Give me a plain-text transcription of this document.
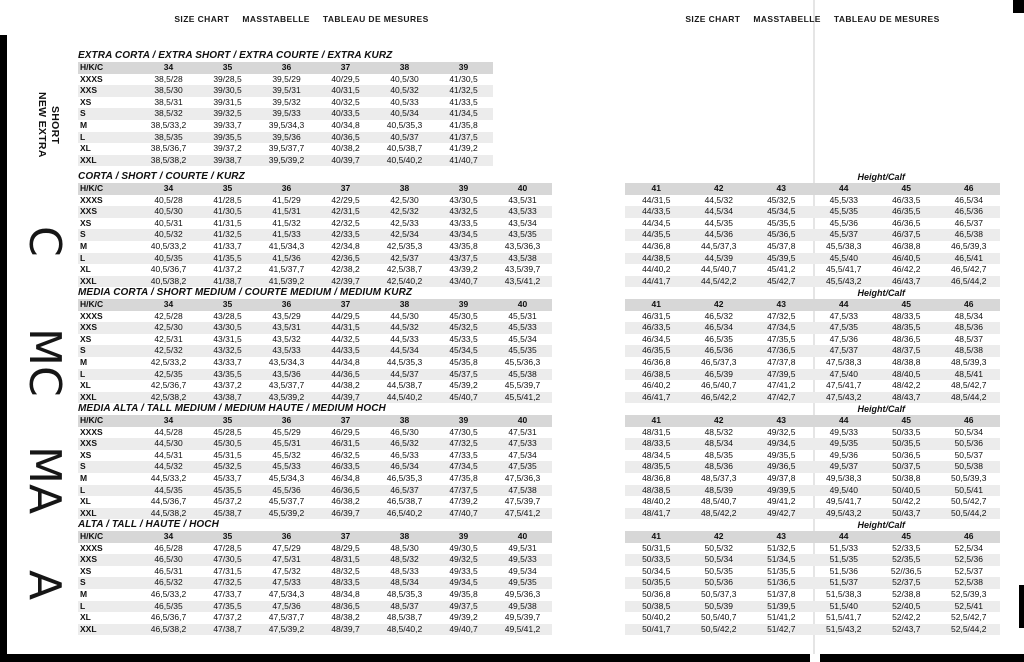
SIZE CHART MASSTABELLE TABLEAU DE MESURES	SIZE CHART MASSTABELLE TABLEAU DE MESURES
NEW EXTRA SHORT
C
MC
MA
A
EXTRA CORTA / EXTRA SHORT / EXTRA COURTE / EXTRA KURZ
H/K/C	34	35	36	37	38	39
XXXS	38,5/28	39/28,5	39,5/29	40/29,5	40,5/30	41/30,5
XXS	38,5/30	39/30,5	39,5/31	40/31,5	40,5/32	41/32,5
XS	38,5/31	39/31,5	39,5/32	40/32,5	40,5/33	41/33,5
S	38,5/32	39/32,5	39,5/33	40/33,5	40,5/34	41/34,5
M	38,5/33,2	39/33,7	39,5/34,3	40/34,8	40,5/35,3	41/35,8
L	38,5/35	39/35,5	39,5/36	40/36,5	40,5/37	41/37,5
XL	38,5/36,7	39/37,2	39,5/37,7	40/38,2	40,5/38,7	41/39,2
XXL	38,5/38,2	39/38,7	39,5/39,2	40/39,7	40,5/40,2	41/40,7
CORTA / SHORT / COURTE / KURZ
H/K/C	34	35	36	37	38	39	40
XXXS	40,5/28	41/28,5	41,5/29	42/29,5	42,5/30	43/30,5	43,5/31
XXS	40,5/30	41/30,5	41,5/31	42/31,5	42,5/32	43/32,5	43,5/33
XS	40,5/31	41/31,5	41,5/32	42/32,5	42,5/33	43/33,5	43,5/34
S	40,5/32	41/32,5	41,5/33	42/33,5	42,5/34	43/34,5	43,5/35
M	40,5/33,2	41/33,7	41,5/34,3	42/34,8	42,5/35,3	43/35,8	43,5/36,3
L	40,5/35	41/35,5	41,5/36	42/36,5	42,5/37	43/37,5	43,5/38
XL	40,5/36,7	41/37,2	41,5/37,7	42/38,2	42,5/38,7	43/39,2	43,5/39,7
XXL	40,5/38,2	41/38,7	41,5/39,2	42/39,7	42,5/40,2	43/40,7	43,5/41,2
Height/Calf
41	42	43	44	45	46
44/31,5	44,5/32	45/32,5	45,5/33	46/33,5	46,5/34
44/33,5	44,5/34	45/34,5	45,5/35	46/35,5	46,5/36
44/34,5	44,5/35	45/35,5	45,5/36	46/36,5	46,5/37
44/35,5	44,5/36	45/36,5	45,5/37	46/37,5	46,5/38
44/36,8	44,5/37,3	45/37,8	45,5/38,3	46/38,8	46,5/39,3
44/38,5	44,5/39	45/39,5	45,5/40	46/40,5	46,5/41
44/40,2	44,5/40,7	45/41,2	45,5/41,7	46/42,2	46,5/42,7
44/41,7	44,5/42,2	45/42,7	45,5/43,2	46/43,7	46,5/44,2
MEDIA CORTA / SHORT MEDIUM / COURTE MEDIUM / MEDIUM KURZ
H/K/C	34	35	36	37	38	39	40
XXXS	42,5/28	43/28,5	43,5/29	44/29,5	44,5/30	45/30,5	45,5/31
XXS	42,5/30	43/30,5	43,5/31	44/31,5	44,5/32	45/32,5	45,5/33
XS	42,5/31	43/31,5	43,5/32	44/32,5	44,5/33	45/33,5	45,5/34
S	42,5/32	43/32,5	43,5/33	44/33,5	44,5/34	45/34,5	45,5/35
M	42,5/33,2	43/33,7	43,5/34,3	44/34,8	44,5/35,3	45/35,8	45,5/36,3
L	42,5/35	43/35,5	43,5/36	44/36,5	44,5/37	45/37,5	45,5/38
XL	42,5/36,7	43/37,2	43,5/37,7	44/38,2	44,5/38,7	45/39,2	45,5/39,7
XXL	42,5/38,2	43/38,7	43,5/39,2	44/39,7	44,5/40,2	45/40,7	45,5/41,2
Height/Calf
41	42	43	44	45	46
46/31,5	46,5/32	47/32,5	47,5/33	48/33,5	48,5/34
46/33,5	46,5/34	47/34,5	47,5/35	48/35,5	48,5/36
46/34,5	46,5/35	47/35,5	47,5/36	48/36,5	48,5/37
46/35,5	46,5/36	47/36,5	47,5/37	48/37,5	48,5/38
46/36,8	46,5/37,3	47/37,8	47,5/38,3	48/38,8	48,5/39,3
46/38,5	46,5/39	47/39,5	47,5/40	48/40,5	48,5/41
46/40,2	46,5/40,7	47/41,2	47,5/41,7	48/42,2	48,5/42,7
46/41,7	46,5/42,2	47/42,7	47,5/43,2	48/43,7	48,5/44,2
MEDIA ALTA / TALL MEDIUM / MEDIUM HAUTE / MEDIUM HOCH
H/K/C	34	35	36	37	38	39	40
XXXS	44,5/28	45/28,5	45,5/29	46/29,5	46,5/30	47/30,5	47,5/31
XXS	44,5/30	45/30,5	45,5/31	46/31,5	46,5/32	47/32,5	47,5/33
XS	44,5/31	45/31,5	45,5/32	46/32,5	46,5/33	47/33,5	47,5/34
S	44,5/32	45/32,5	45,5/33	46/33,5	46,5/34	47/34,5	47,5/35
M	44,5/33,2	45/33,7	45,5/34,3	46/34,8	46,5/35,3	47/35,8	47,5/36,3
L	44,5/35	45/35,5	45,5/36	46/36,5	46,5/37	47/37,5	47,5/38
XL	44,5/36,7	45/37,2	45,5/37,7	46/38,2	46,5/38,7	47/39,2	47,5/39,7
XXL	44,5/38,2	45/38,7	45,5/39,2	46/39,7	46,5/40,2	47/40,7	47,5/41,2
Height/Calf
41	42	43	44	45	46
48/31,5	48,5/32	49/32,5	49,5/33	50/33,5	50,5/34
48/33,5	48,5/34	49/34,5	49,5/35	50/35,5	50,5/36
48/34,5	48,5/35	49/35,5	49,5/36	50/36,5	50,5/37
48/35,5	48,5/36	49/36,5	49,5/37	50/37,5	50,5/38
48/36,8	48,5/37,3	49/37,8	49,5/38,3	50/38,8	50,5/39,3
48/38,5	48,5/39	49/39,5	49,5/40	50/40,5	50,5/41
48/40,2	48,5/40,7	49/41,2	49,5/41,7	50/42,2	50,5/42,7
48/41,7	48,5/42,2	49/42,7	49,5/43,2	50/43,7	50,5/44,2
ALTA / TALL / HAUTE / HOCH
H/K/C	34	35	36	37	38	39	40
XXXS	46,5/28	47/28,5	47,5/29	48/29,5	48,5/30	49/30,5	49,5/31
XXS	46,5/30	47/30,5	47,5/31	48/31,5	48,5/32	49/32,5	49,5/33
XS	46,5/31	47/31,5	47,5/32	48/32,5	48,5/33	49/33,5	49,5/34
S	46,5/32	47/32,5	47,5/33	48/33,5	48,5/34	49/34,5	49,5/35
M	46,5/33,2	47/33,7	47,5/34,3	48/34,8	48,5/35,3	49/35,8	49,5/36,3
L	46,5/35	47/35,5	47,5/36	48/36,5	48,5/37	49/37,5	49,5/38
XL	46,5/36,7	47/37,2	47,5/37,7	48/38,2	48,5/38,7	49/39,2	49,5/39,7
XXL	46,5/38,2	47/38,7	47,5/39,2	48/39,7	48,5/40,2	49/40,7	49,5/41,2
Height/Calf
41	42	43	44	45	46
50/31,5	50,5/32	51/32,5	51,5/33	52/33,5	52,5/34
50/33,5	50,5/34	51/34,5	51,5/35	52/35,5	52,5/36
50/34,5	50,5/35	51/35,5	51,5/36	52//36,5	52,5/37
50/35,5	50,5/36	51/36,5	51,5/37	52/37,5	52,5/38
50/36,8	50,5/37,3	51/37,8	51,5/38,3	52/38,8	52,5/39,3
50/38,5	50,5/39	51/39,5	51,5/40	52/40,5	52,5/41
50/40,2	50,5/40,7	51/41,2	51,5/41,7	52/42,2	52,5/42,7
50/41,7	50,5/42,2	51/42,7	51,5/43,2	52/43,7	52,5/44,2
